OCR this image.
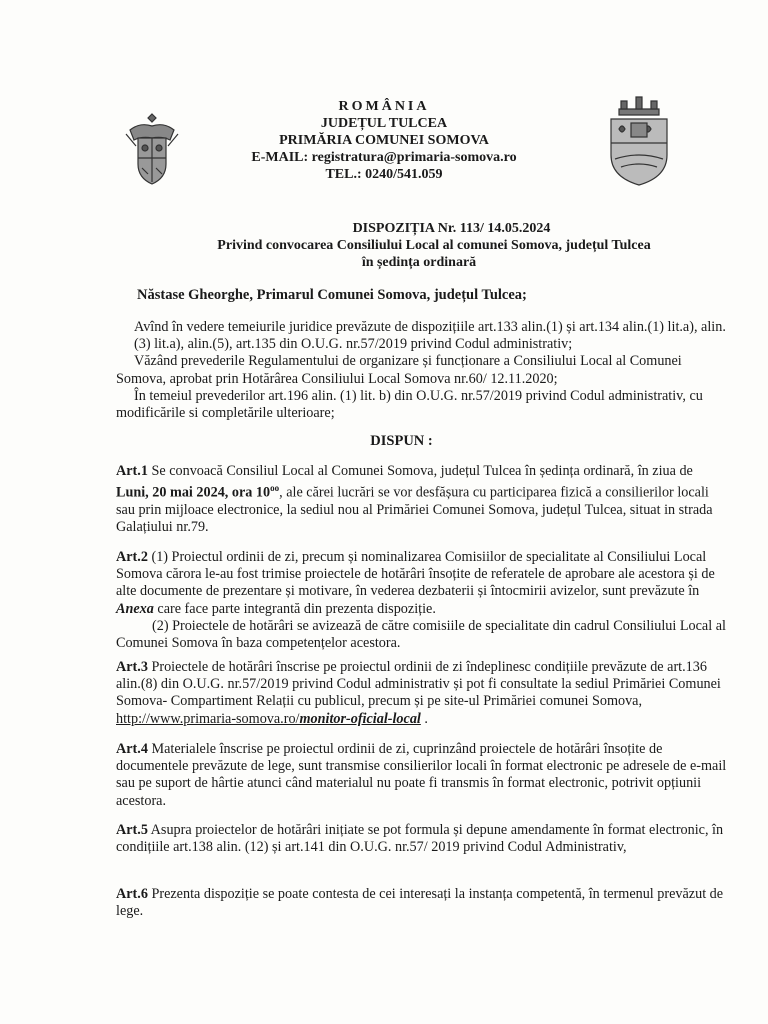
ROMÂNIA
JUDEȚUL TULCEA
PRIMĂRIA COMUNEI SOMOVA
E-MAIL: registratura@primaria-somova.ro
TEL.: 0240/541.059
DISPOZIȚIA Nr. 113/ 14.05.2024
Privind convocarea Consiliului Local al comunei Somova, județul Tulcea
în ședința ordinară
Năstase Gheorghe, Primarul Comunei Somova, județul Tulcea;

Avînd în vedere temeiurile juridice prevăzute de dispozițiile art.133 alin.(1) și art.134 alin.(1) lit.a), alin.(3) lit.a), alin.(5), art.135 din O.U.G. nr.57/2019 privind Codul administrativ;

Văzând prevederile Regulamentului de organizare și funcționare a Consiliului Local al Comunei Somova, aprobat prin Hotărârea Consiliului Local Somova nr.60/ 12.11.2020;

În temeiul prevederilor art.196 alin. (1) lit. b) din O.U.G. nr.57/2019 privind Codul administrativ, cu modificările si completările ulterioare;

DISPUN :

Art.1 Se convoacă Consiliul Local al Comunei Somova, județul Tulcea în ședința ordinară, în ziua de Luni, 20 mai 2024, ora $10^{oo}$, ale cărei lucrări se vor desfășura cu participarea fizică a consilierilor locali sau prin mijloace electronice, la sediul nou al Primăriei Comunei Somova, județul Tulcea, situat in strada Galațiului nr.79.

Art.2 (1) Proiectul ordinii de zi, precum și nominalizarea Comisiilor de specialitate al Consiliului Local Somova cărora le-au fost trimise proiectele de hotărâri însoțite de referatele de aprobare ale acestora și de alte documente de prezentare și motivare, în vederea dezbaterii și întocmirii avizelor, sunt prevăzute în Anexa care face parte integrantă din prezenta dispoziție.

(2) Proiectele de hotărâri se avizează de către comisiile de specialitate din cadrul Consiliului Local al Comunei Somova în baza competențelor acestora.

Art.3 Proiectele de hotărâri înscrise pe proiectul ordinii de zi îndeplinesc condițiile prevăzute de art.136 alin.(8) din O.U.G. nr.57/2019 privind Codul administrativ și pot fi consultate la sediul Primăriei Comunei Somova- Compartiment Relații cu publicul, precum și pe site-ul Primăriei comunei Somova, http://www.primaria-somova.ro/monitor-oficial-local .

Art.4 Materialele înscrise pe proiectul ordinii de zi, cuprinzând proiectele de hotărâri însoțite de documentele prevăzute de lege, sunt transmise consilierilor locali în format electronic pe adresele de e-mail sau pe suport de hârtie atunci când materialul nu poate fi transmis în format electronic, potrivit opțiunii acestora.

Art.5 Asupra proiectelor de hotărâri inițiate se pot formula și depune amendamente în format electronic, în condițiile art.138 alin. (12) și art.141 din O.U.G. nr.57/ 2019 privind Codul Administrativ,

Art.6 Prezenta dispoziție se poate contesta de cei interesați la instanța competentă, în termenul prevăzut de lege.
